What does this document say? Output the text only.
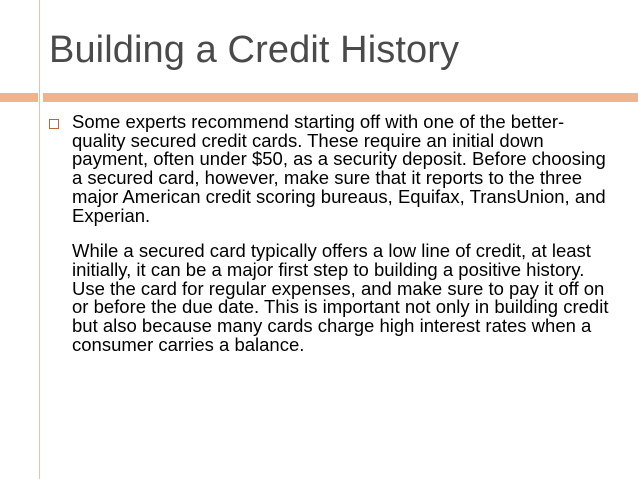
Building a Credit History

Some experts recommend starting off with one of the better-quality secured credit cards. These require an initial down payment, often under $50, as a security deposit. Before choosing a secured card, however, make sure that it reports to the three major American credit scoring bureaus, Equifax, TransUnion, and Experian.

While a secured card typically offers a low line of credit, at least initially, it can be a major first step to building a positive history. Use the card for regular expenses, and make sure to pay it off on or before the due date. This is important not only in building credit but also because many cards charge high interest rates when a consumer carries a balance.
